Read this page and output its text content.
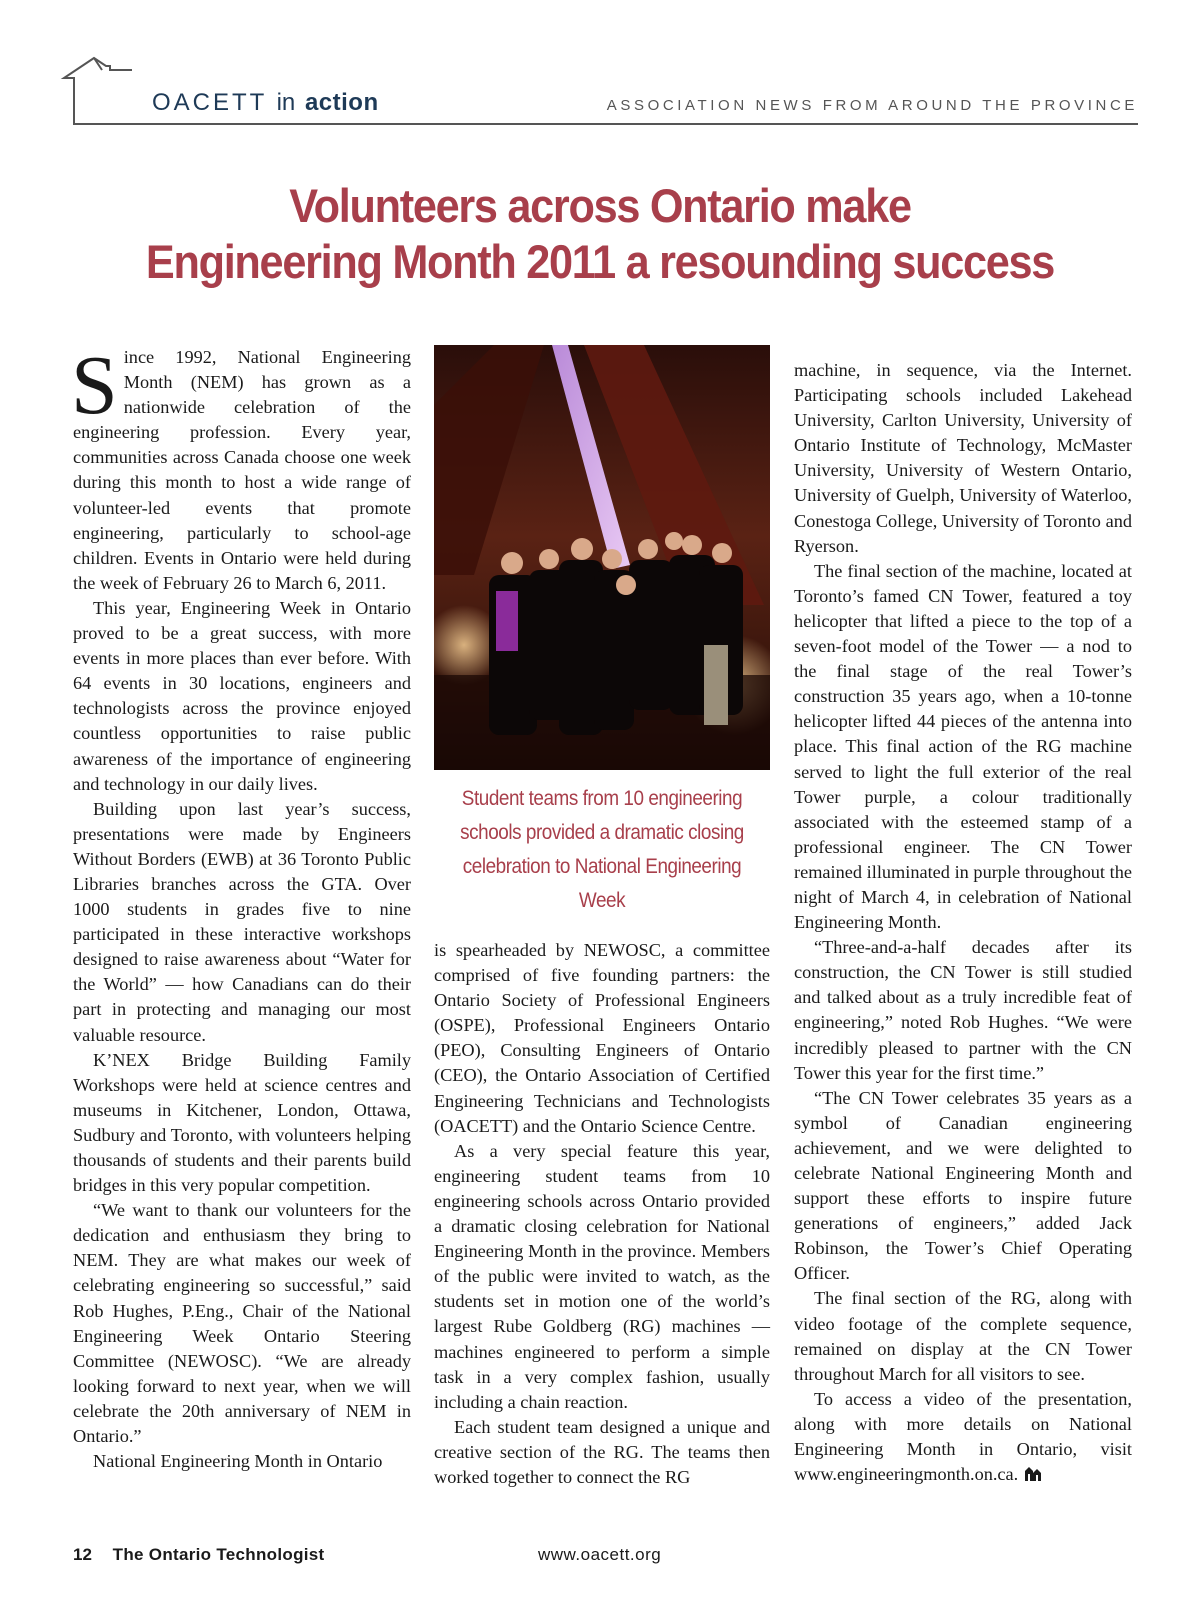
OACETT in action	ASSOCIATION NEWS FROM AROUND THE PROVINCE
Volunteers across Ontario make
Engineering Month 2011 a resounding success

Since 1992, National Engineering Month (NEM) has grown as a nationwide celebration of the engineering profession. Every year, communities across Canada choose one week during this month to host a wide range of volunteer-led events that promote engineering, particularly to school-age children. Events in Ontario were held during the week of February 26 to March 6, 2011.

This year, Engineering Week in Ontario proved to be a great success, with more events in more places than ever before. With 64 events in 30 locations, engineers and technologists across the province enjoyed countless opportunities to raise public awareness of the importance of engineering and technology in our daily lives.

Building upon last year’s success, presentations were made by Engineers Without Borders (EWB) at 36 Toronto Public Libraries branches across the GTA. Over 1000 students in grades five to nine participated in these interactive workshops designed to raise awareness about “Water for the World” — how Canadians can do their part in protecting and managing our most valuable resource.

K’NEX Bridge Building Family Workshops were held at science centres and museums in Kitchener, London, Ottawa, Sudbury and Toronto, with volunteers helping thousands of students and their parents build bridges in this very popular competition.

“We want to thank our volunteers for the dedication and enthusiasm they bring to NEM. They are what makes our week of celebrating engineering so successful,” said Rob Hughes, P.Eng., Chair of the National Engineering Week Ontario Steering Committee (NEWOSC). “We are already looking forward to next year, when we will celebrate the 20th anniversary of NEM in Ontario.”

National Engineering Month in Ontario

Student teams from 10 engineering schools provided a dramatic closing celebration to National Engineering Week

is spearheaded by NEWOSC, a committee comprised of five founding partners: the Ontario Society of Professional Engineers (OSPE), Professional Engineers Ontario (PEO), Consulting Engineers of Ontario (CEO), the Ontario Association of Certified Engineering Technicians and Technologists (OACETT) and the Ontario Science Centre.

As a very special feature this year, engineering student teams from 10 engineering schools across Ontario provided a dramatic closing celebration for National Engineering Month in the province. Members of the public were invited to watch, as the students set in motion one of the world’s largest Rube Goldberg (RG) machines — machines engineered to perform a simple task in a very complex fashion, usually including a chain reaction.

Each student team designed a unique and creative section of the RG. The teams then worked together to connect the RG

machine, in sequence, via the Internet. Participating schools included Lakehead University, Carlton University, University of Ontario Institute of Technology, McMaster University, University of Western Ontario, University of Guelph, University of Waterloo, Conestoga College, University of Toronto and Ryerson.

The final section of the machine, located at Toronto’s famed CN Tower, featured a toy helicopter that lifted a piece to the top of a seven-foot model of the Tower — a nod to the final stage of the real Tower’s construction 35 years ago, when a 10-tonne helicopter lifted 44 pieces of the antenna into place. This final action of the RG machine served to light the full exterior of the real Tower purple, a colour traditionally associated with the esteemed stamp of a professional engineer. The CN Tower remained illuminated in purple throughout the night of March 4, in celebration of National Engineering Month.

“Three-and-a-half decades after its construction, the CN Tower is still studied and talked about as a truly incredible feat of engineering,” noted Rob Hughes. “We were incredibly pleased to partner with the CN Tower this year for the first time.”

“The CN Tower celebrates 35 years as a symbol of Canadian engineering achievement, and we were delighted to celebrate National Engineering Month and support these efforts to inspire future generations of engineers,” added Jack Robinson, the Tower’s Chief Operating Officer.

The final section of the RG, along with video footage of the complete sequence, remained on display at the CN Tower throughout March for all visitors to see.

To access a video of the presentation, along with more details on National Engineering Month in Ontario, visit www.engineeringmonth.on.ca.

12 The Ontario Technologist	www.oacett.org
